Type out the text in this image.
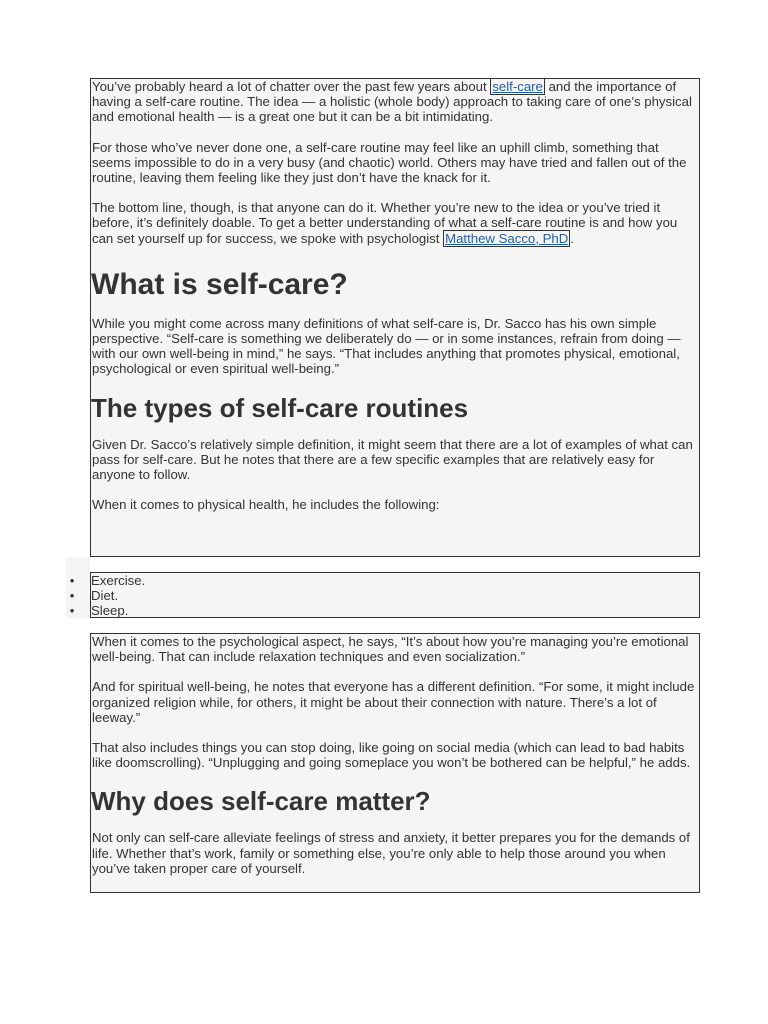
You’ve probably heard a lot of chatter over the past few years about self-care and the importance of having a self-care routine. The idea — a holistic (whole body) approach to taking care of one’s physical and emotional health — is a great one but it can be a bit intimidating.

For those who’ve never done one, a self-care routine may feel like an uphill climb, something that seems impossible to do in a very busy (and chaotic) world. Others may have tried and fallen out of the routine, leaving them feeling like they just don’t have the knack for it.

The bottom line, though, is that anyone can do it. Whether you’re new to the idea or you’ve tried it before, it’s definitely doable. To get a better understanding of what a self-care routine is and how you can set yourself up for success, we spoke with psychologist Matthew Sacco, PhD .

What is self-care?

While you might come across many definitions of what self-care is, Dr. Sacco has his own simple perspective. “Self-care is something we deliberately do — or in some instances, refrain from doing — with our own well-being in mind,” he says. “That includes anything that promotes physical, emotional, psychological or even spiritual well-being.”

The types of self-care routines

Given Dr. Sacco’s relatively simple definition, it might seem that there are a lot of examples of what can pass for self-care. But he notes that there are a few specific examples that are relatively easy for anyone to follow.

When it comes to physical health, he includes the following:

• Exercise.
• Diet.
• Sleep.

When it comes to the psychological aspect, he says, “It’s about how you’re managing you’re emotional well-being. That can include relaxation techniques and even socialization.”

And for spiritual well-being, he notes that everyone has a different definition. “For some, it might include organized religion while, for others, it might be about their connection with nature. There’s a lot of leeway.”

That also includes things you can stop doing, like going on social media (which can lead to bad habits like doomscrolling). “Unplugging and going someplace you won’t be bothered can be helpful,” he adds.

Why does self-care matter?

Not only can self-care alleviate feelings of stress and anxiety, it better prepares you for the demands of life. Whether that’s work, family or something else, you’re only able to help those around you when you’ve taken proper care of yourself.
